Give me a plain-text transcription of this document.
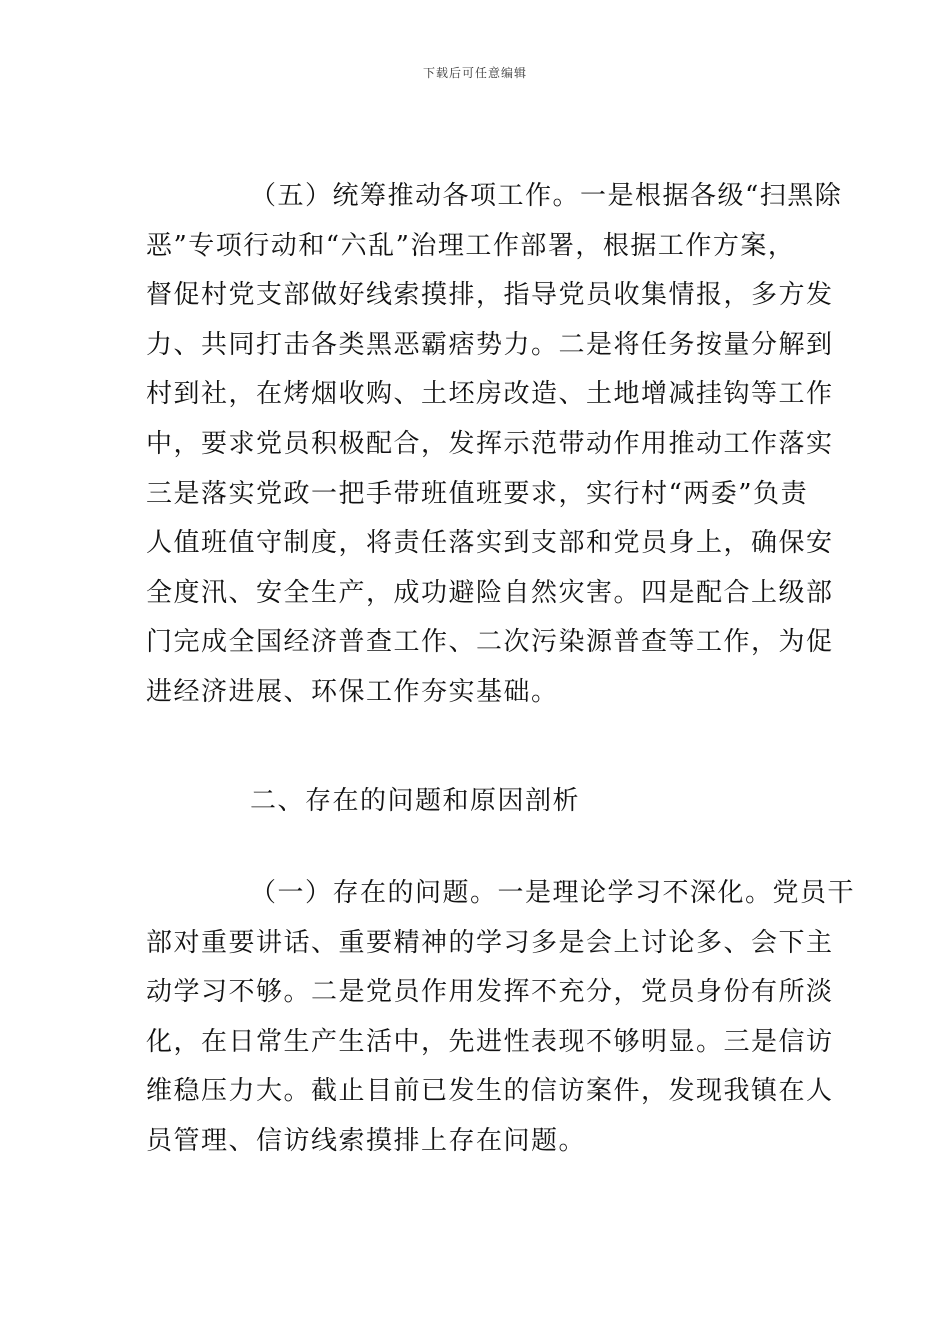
下载后可任意编辑
（五）统筹推动各项工作。一是根据各级“扫黑除
恶”专项行动和“六乱”治理工作部署，根据工作方案，
督促村党支部做好线索摸排，指导党员收集情报，多方发
力、共同打击各类黑恶霸痞势力。二是将任务按量分解到
村到社，在烤烟收购、土坯房改造、土地增减挂钩等工作
中，要求党员积极配合，发挥示范带动作用推动工作落实
三是落实党政一把手带班值班要求，实行村“两委”负责
人值班值守制度，将责任落实到支部和党员身上，确保安
全度汛、安全生产，成功避险自然灾害。四是配合上级部
门完成全国经济普查工作、二次污染源普查等工作，为促
进经济进展、环保工作夯实基础。
二、存在的问题和原因剖析
（一）存在的问题。一是理论学习不深化。党员干
部对重要讲话、重要精神的学习多是会上讨论多、会下主
动学习不够。二是党员作用发挥不充分，党员身份有所淡
化，在日常生产生活中，先进性表现不够明显。三是信访
维稳压力大。截止目前已发生的信访案件，发现我镇在人
员管理、信访线索摸排上存在问题。
